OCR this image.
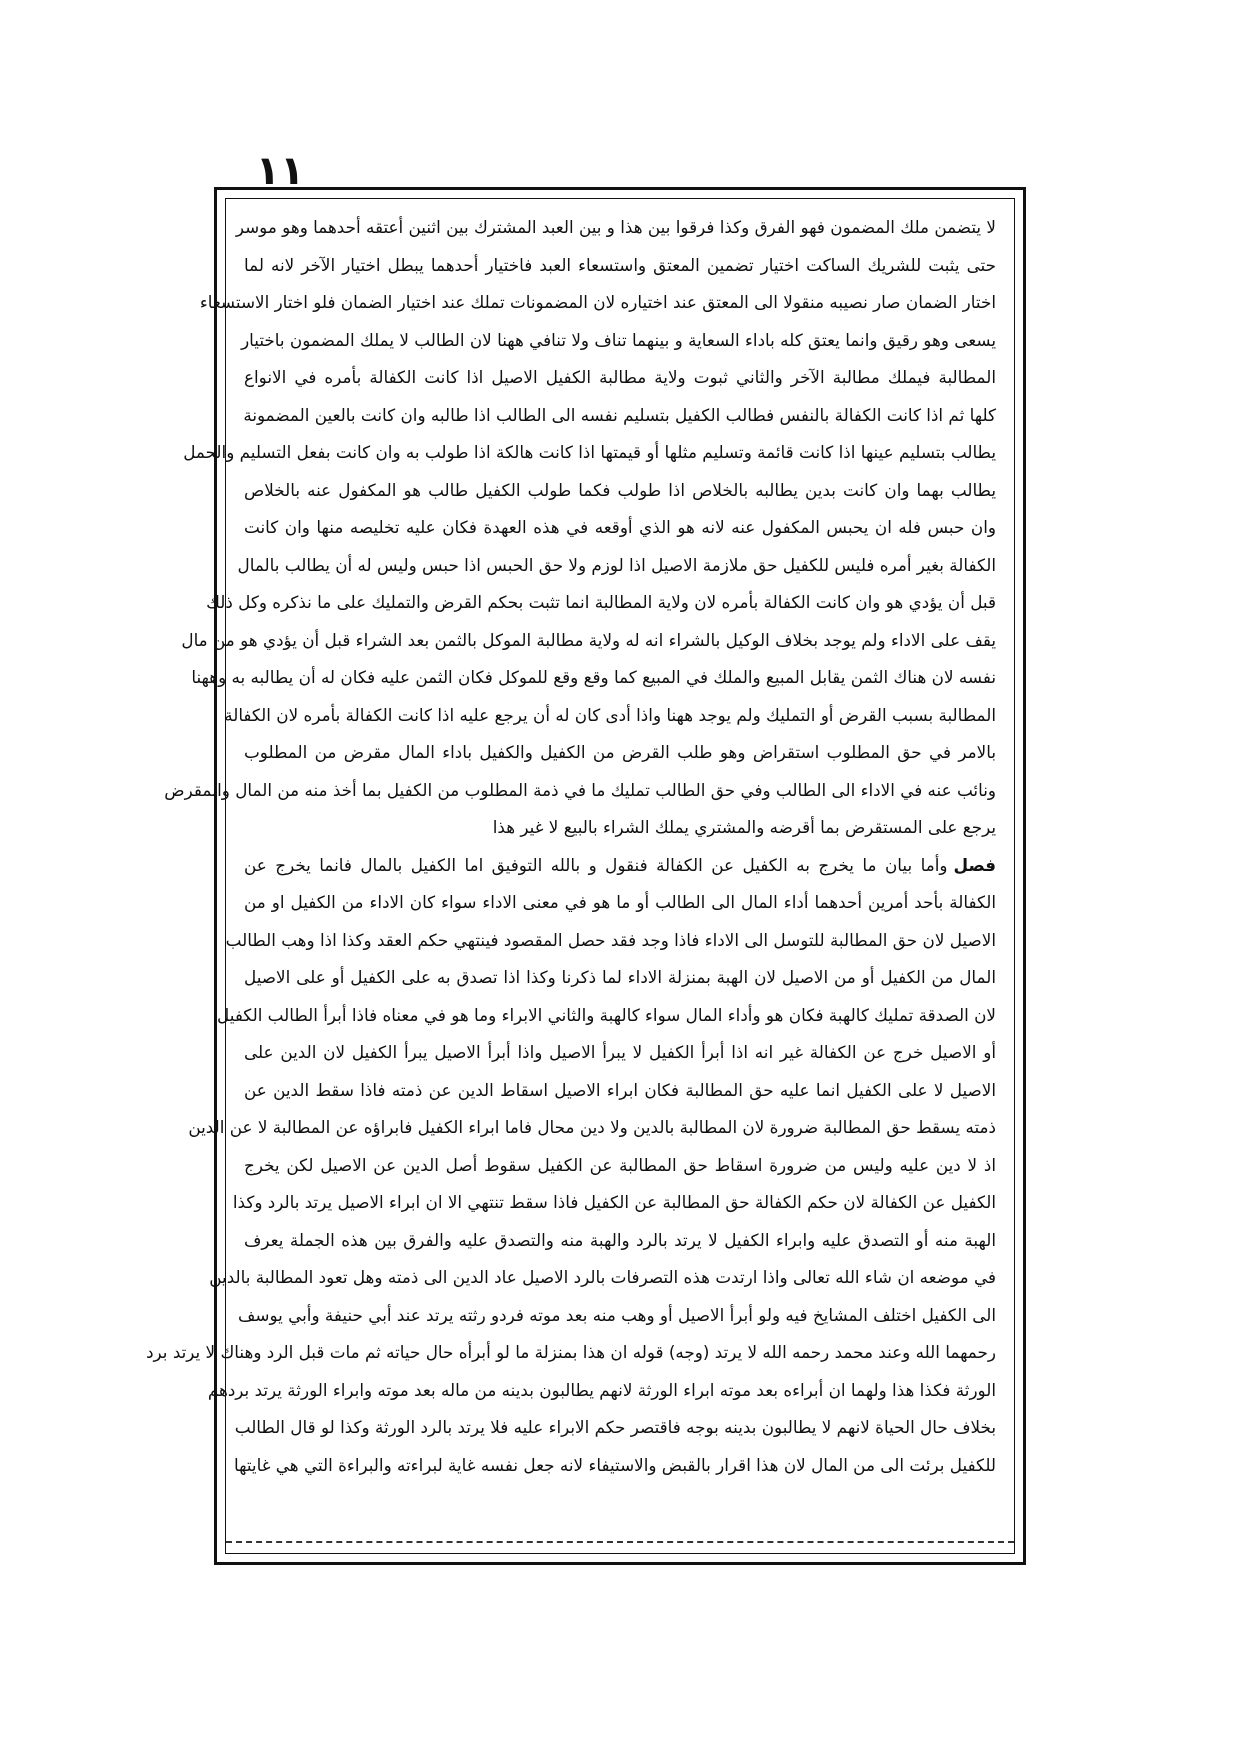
١١
لا يتضمن ملك المضمون فهو الفرق وكذا فرقوا بين هذا و بين العبد المشترك بين اثنين أعتقه أحدهما وهو موسر
حتى يثبت للشريك الساكت اختيار تضمين المعتق واستسعاء العبد فاختيار أحدهما يبطل اختيار الآخر لانه لما
اختار الضمان صار نصيبه منقولا الى المعتق عند اختياره لان المضمونات تملك عند اختيار الضمان فلو اختار الاستسعاء
يسعى وهو رقيق وانما يعتق كله باداء السعاية و بينهما تناف ولا تنافي ههنا لان الطالب لا يملك المضمون باختيار
المطالبة فيملك مطالبة الآخر والثاني ثبوت ولاية مطالبة الكفيل الاصيل اذا كانت الكفالة بأمره في الانواع
كلها ثم اذا كانت الكفالة بالنفس فطالب الكفيل بتسليم نفسه الى الطالب اذا طالبه وان كانت بالعين المضمونة
يطالب بتسليم عينها اذا كانت قائمة وتسليم مثلها أو قيمتها اذا كانت هالكة اذا طولب به وان كانت بفعل التسليم والحمل
يطالب بهما وان كانت بدين يطالبه بالخلاص اذا طولب فكما طولب الكفيل طالب هو المكفول عنه بالخلاص
وان حبس فله ان يحبس المكفول عنه لانه هو الذي أوقعه في هذه العهدة فكان عليه تخليصه منها وان كانت
الكفالة بغير أمره فليس للكفيل حق ملازمة الاصيل اذا لوزم ولا حق الحبس اذا حبس وليس له أن يطالب بالمال
قبل أن يؤدي هو وان كانت الكفالة بأمره لان ولاية المطالبة انما تثبت بحكم القرض والتمليك على ما نذكره وكل ذلك
يقف على الاداء ولم يوجد بخلاف الوكيل بالشراء انه له ولاية مطالبة الموكل بالثمن بعد الشراء قبل أن يؤدي هو من مال
نفسه لان هناك الثمن يقابل المبيع والملك في المبيع كما وقع وقع للموكل فكان الثمن عليه فكان له أن يطالبه به وههنا
المطالبة بسبب القرض أو التمليك ولم يوجد ههنا واذا أدى كان له أن يرجع عليه اذا كانت الكفالة بأمره لان الكفالة
بالامر في حق المطلوب استقراض وهو طلب القرض من الكفيل والكفيل باداء المال مقرض من المطلوب
ونائب عنه في الاداء الى الطالب وفي حق الطالب تمليك ما في ذمة المطلوب من الكفيل بما أخذ منه من المال والمقرض
يرجع على المستقرض بما أقرضه والمشتري يملك الشراء بالبيع لا غير هذا
فصلوأما بيان ما يخرج به الكفيل عن الكفالة فنقول و بالله التوفيق اما الكفيل بالمال فانما يخرج عن
الكفالة بأحد أمرين أحدهما أداء المال الى الطالب أو ما هو في معنى الاداء سواء كان الاداء من الكفيل او من
الاصيل لان حق المطالبة للتوسل الى الاداء فاذا وجد فقد حصل المقصود فينتهي حكم العقد وكذا اذا وهب الطالب
المال من الكفيل أو من الاصيل لان الهبة بمنزلة الاداء لما ذكرنا وكذا اذا تصدق به على الكفيل أو على الاصيل
لان الصدقة تمليك كالهبة فكان هو وأداء المال سواء كالهبة والثاني الابراء وما هو في معناه فاذا أبرأ الطالب الكفيل
أو الاصيل خرج عن الكفالة غير انه اذا أبرأ الكفيل لا يبرأ الاصيل واذا أبرأ الاصيل يبرأ الكفيل لان الدين على
الاصيل لا على الكفيل انما عليه حق المطالبة فكان ابراء الاصيل اسقاط الدين عن ذمته فاذا سقط الدين عن
ذمته يسقط حق المطالبة ضرورة لان المطالبة بالدين ولا دين محال فاما ابراء الكفيل فابراؤه عن المطالبة لا عن الدين
اذ لا دين عليه وليس من ضرورة اسقاط حق المطالبة عن الكفيل سقوط أصل الدين عن الاصيل لكن يخرج
الكفيل عن الكفالة لان حكم الكفالة حق المطالبة عن الكفيل فاذا سقط تنتهي الا ان ابراء الاصيل يرتد بالرد وكذا
الهبة منه أو التصدق عليه وابراء الكفيل لا يرتد بالرد والهبة منه والتصدق عليه والفرق بين هذه الجملة يعرف
في موضعه ان شاء الله تعالى واذا ارتدت هذه التصرفات بالرد الاصيل عاد الدين الى ذمته وهل تعود المطالبة بالدين
الى الكفيل اختلف المشايخ فيه ولو أبرأ الاصيل أو وهب منه بعد موته فردو رثته يرتد عند أبي حنيفة وأبي يوسف
رحمهما الله وعند محمد رحمه الله لا يرتد (وجه) قوله ان هذا بمنزلة ما لو أبرأه حال حياته ثم مات قبل الرد وهناك لا يرتد برد
الورثة فكذا هذا ولهما ان أبراءه بعد موته ابراء الورثة لانهم يطالبون بدينه من ماله بعد موته وابراء الورثة يرتد بردهم
بخلاف حال الحياة لانهم لا يطالبون بدينه بوجه فاقتصر حكم الابراء عليه فلا يرتد بالرد الورثة وكذا لو قال الطالب
للكفيل برئت الى من المال لان هذا اقرار بالقبض والاستيفاء لانه جعل نفسه غاية لبراءته والبراءة التي هي غايتها
